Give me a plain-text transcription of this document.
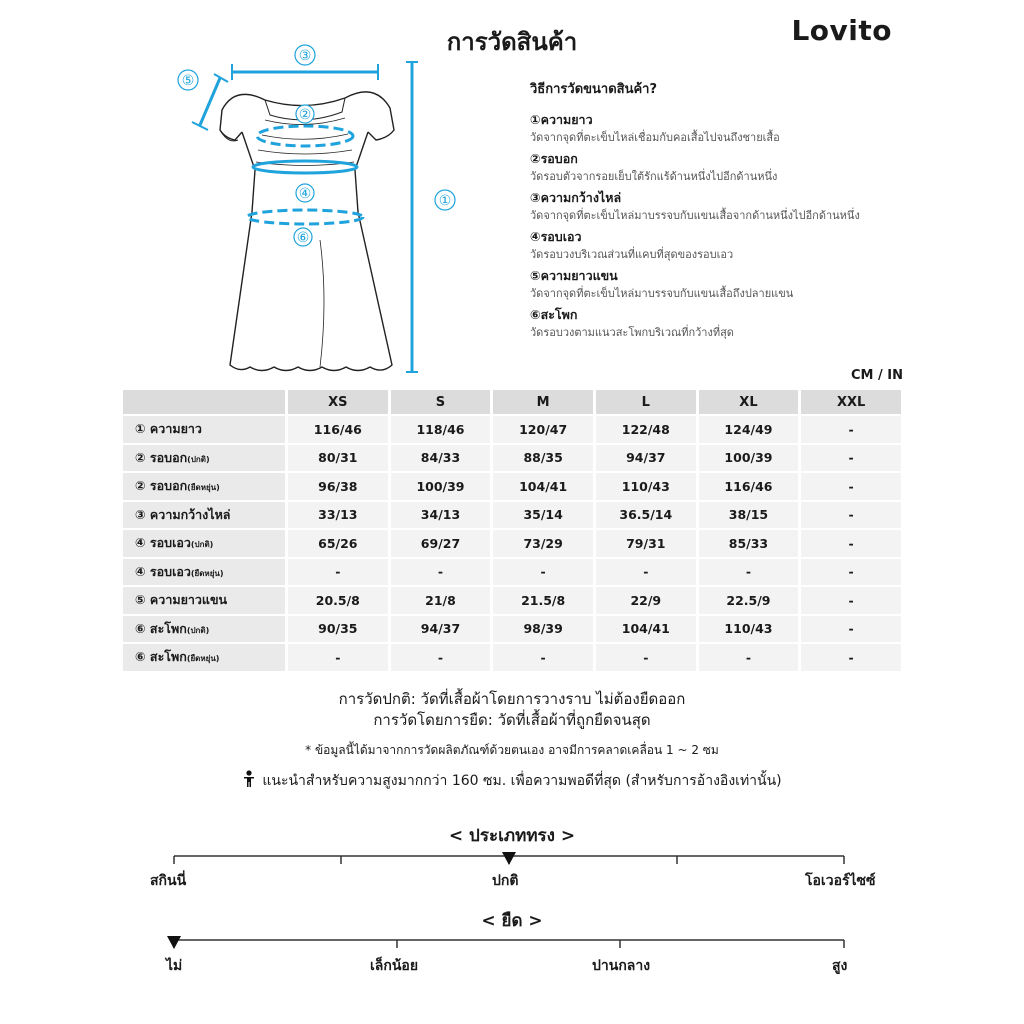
การวัดสินค้า	Lovito
③
⑤
②
④
⑥
①
วิธีการวัดขนาดสินค้า?
①ความยาว
วัดจากจุดที่ตะเข็บไหล่เชื่อมกับคอเสื้อไปจนถึงชายเสื้อ
②รอบอก
วัดรอบตัวจากรอยเย็บใต้รักแร้ด้านหนึ่งไปอีกด้านหนึ่ง
③ความกว้างไหล่
วัดจากจุดที่ตะเข็บไหล่มาบรรจบกับแขนเสื้อจากด้านหนึ่งไปอีกด้านหนึ่ง
④รอบเอว
วัดรอบวงบริเวณส่วนที่แคบที่สุดของรอบเอว
⑤ความยาวแขน
วัดจากจุดที่ตะเข็บไหล่มาบรรจบกับแขนเสื้อถึงปลายแขน
⑥สะโพก
วัดรอบวงตามแนวสะโพกบริเวณที่กว้างที่สุด
CM / IN
	XS	S	M	L	XL	XXL
① ความยาว	116/46	118/46	120/47	122/48	124/49	-
② รอบอก(ปกติ)	80/31	84/33	88/35	94/37	100/39	-
② รอบอก(ยืดหยุ่น)	96/38	100/39	104/41	110/43	116/46	-
③ ความกว้างไหล่	33/13	34/13	35/14	36.5/14	38/15	-
④ รอบเอว(ปกติ)	65/26	69/27	73/29	79/31	85/33	-
④ รอบเอว(ยืดหยุ่น)	-	-	-	-	-	-
⑤ ความยาวแขน	20.5/8	21/8	21.5/8	22/9	22.5/9	-
⑥ สะโพก(ปกติ)	90/35	94/37	98/39	104/41	110/43	-
⑥ สะโพก(ยืดหยุ่น)	-	-	-	-	-	-
การวัดปกติ: วัดที่เสื้อผ้าโดยการวางราบ ไม่ต้องยืดออก
การวัดโดยการยืด: วัดที่เสื้อผ้าที่ถูกยืดจนสุด
* ข้อมูลนี้ได้มาจากการวัดผลิตภัณฑ์ด้วยตนเอง อาจมีการคลาดเคลื่อน 1 ~ 2 ซม
แนะนำสำหรับความสูงมากกว่า 160 ซม. เพื่อความพอดีที่สุด (สำหรับการอ้างอิงเท่านั้น)
< ประเภททรง >
สกินนี่	ปกติ	โอเวอร์ไซซ์
< ยืด >
ไม่	เล็กน้อย	ปานกลาง	สูง
